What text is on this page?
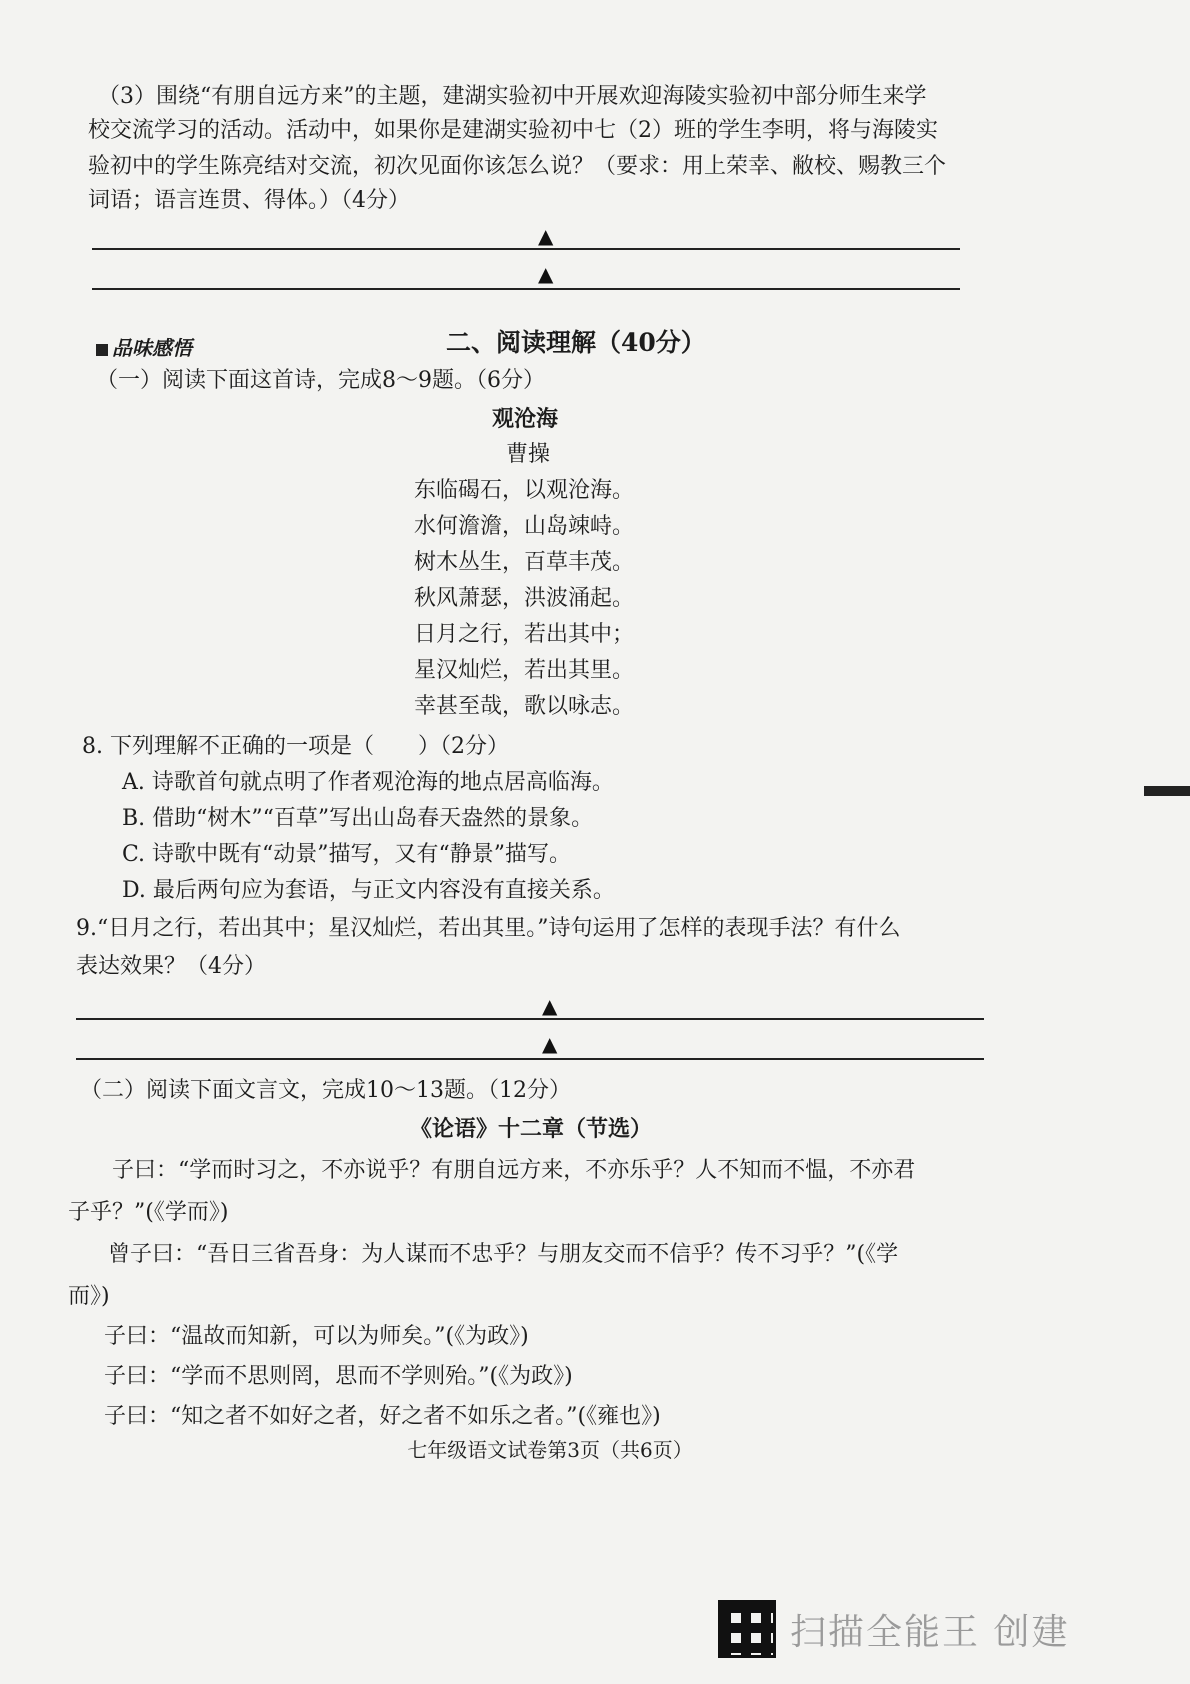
（3）围绕“有朋自远方来”的主题，建湖实验初中开展欢迎海陵实验初中部分师生来学
校交流学习的活动。活动中，如果你是建湖实验初中七（2）班的学生李明，将与海陵实
验初中的学生陈亮结对交流，初次见面你该怎么说？（要求：用上荣幸、敝校、赐教三个
词语；语言连贯、得体。）（4分）
▲
▲
品味感悟	二、阅读理解（40分）
（一）阅读下面这首诗，完成8～9题。（6分）
观沧海
曹操
东临碣石，以观沧海。
水何澹澹，山岛竦峙。
树木丛生，百草丰茂。
秋风萧瑟，洪波涌起。
日月之行，若出其中；
星汉灿烂，若出其里。
幸甚至哉，歌以咏志。
8. 下列理解不正确的一项是（　　）（2分）
A. 诗歌首句就点明了作者观沧海的地点居高临海。
B. 借助“树木”“百草”写出山岛春天盎然的景象。
C. 诗歌中既有“动景”描写，又有“静景”描写。
D. 最后两句应为套语，与正文内容没有直接关系。
9.“日月之行，若出其中；星汉灿烂，若出其里。”诗句运用了怎样的表现手法？有什么
表达效果？（4分）
▲
▲
（二）阅读下面文言文，完成10～13题。（12分）
《论语》十二章（节选）
子曰：“学而时习之，不亦说乎？有朋自远方来，不亦乐乎？人不知而不愠，不亦君
子乎？”(《学而》)
曾子曰：“吾日三省吾身：为人谋而不忠乎？与朋友交而不信乎？传不习乎？”(《学
而》)
子曰：“温故而知新，可以为师矣。”(《为政》)
子曰：“学而不思则罔，思而不学则殆。”(《为政》)
子曰：“知之者不如好之者，好之者不如乐之者。”(《雍也》)
七年级语文试卷第3页（共6页）
扫描全能王 创建
